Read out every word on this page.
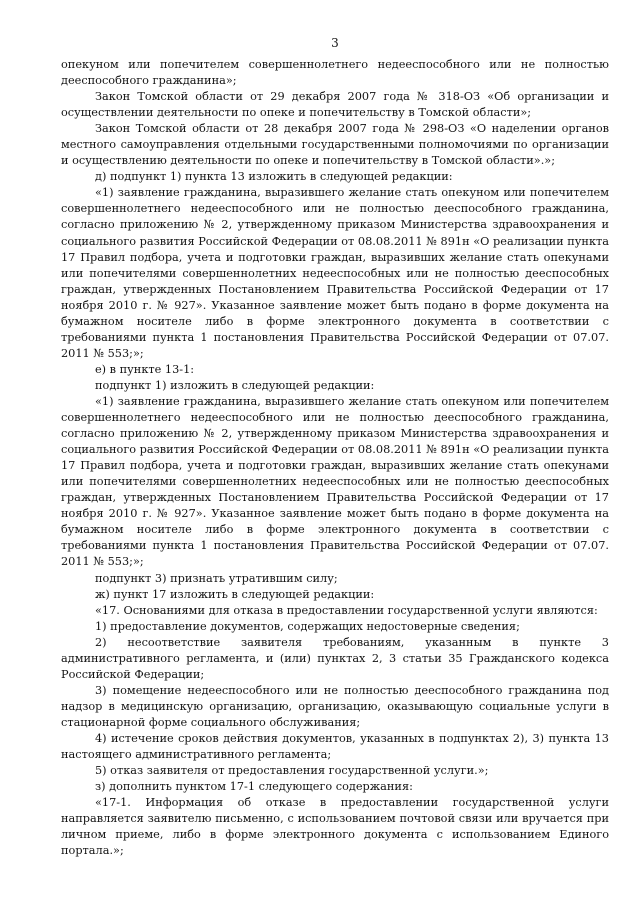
3

опекуном или попечителем совершеннолетнего недееспособного или не полностью дееспособного гражданина»;

Закон Томской области от 29 декабря 2007 года № 318-ОЗ «Об организации и осуществлении деятельности по опеке и попечительству в Томской области»;

Закон Томской области от 28 декабря 2007 года № 298-ОЗ «О наделении органов местного самоуправления отдельными государственными полномочиями по организации и осуществлению деятельности по опеке и попечительству в Томской области».»;

д) подпункт 1) пункта 13 изложить в следующей редакции:

«1) заявление гражданина, выразившего желание стать опекуном или попечителем совершеннолетнего недееспособного или не полностью дееспособного гражданина, согласно приложению № 2, утвержденному приказом Министерства здравоохранения и социального развития Российской Федерации от 08.08.2011 № 891н «О реализации пункта 17 Правил подбора, учета и подготовки граждан, выразивших желание стать опекунами или попечителями совершеннолетних недееспособных или не полностью дееспособных граждан, утвержденных Постановлением Правительства Российской Федерации от 17 ноября 2010 г. № 927». Указанное заявление может быть подано в форме документа на бумажном носителе либо в форме электронного документа в соответствии с требованиями пункта 1 постановления Правительства Российской Федерации от 07.07. 2011 № 553;»;

е) в пункте 13-1:

подпункт 1) изложить в следующей редакции:

«1) заявление гражданина, выразившего желание стать опекуном или попечителем совершеннолетнего недееспособного или не полностью дееспособного гражданина, согласно приложению № 2, утвержденному приказом Министерства здравоохранения и социального развития Российской Федерации от 08.08.2011 № 891н «О реализации пункта 17 Правил подбора, учета и подготовки граждан, выразивших желание стать опекунами или попечителями совершеннолетних недееспособных или не полностью дееспособных граждан, утвержденных Постановлением Правительства Российской Федерации от 17 ноября 2010 г. № 927». Указанное заявление может быть подано в форме документа на бумажном носителе либо в форме электронного документа в соответствии с требованиями пункта 1 постановления Правительства Российской Федерации от 07.07. 2011 № 553;»;

подпункт 3) признать утратившим силу;

ж) пункт 17 изложить в следующей редакции:

«17. Основаниями для отказа в предоставлении государственной услуги являются:

1) предоставление документов, содержащих недостоверные сведения;

2) несоответствие заявителя требованиям, указанным в пункте 3 административного регламента, и (или) пунктах 2, 3 статьи 35 Гражданского кодекса Российской Федерации;

3) помещение недееспособного или не полностью дееспособного гражданина под надзор в медицинскую организацию, организацию, оказывающую социальные услуги в стационарной форме социального обслуживания;

4) истечение сроков действия документов, указанных в подпунктах 2), 3) пункта 13 настоящего административного регламента;

5) отказ заявителя от предоставления государственной услуги.»;

з) дополнить пунктом 17-1 следующего содержания:

«17-1. Информация об отказе в предоставлении государственной услуги направляется заявителю письменно, с использованием почтовой связи или вручается при личном приеме, либо в форме электронного документа с использованием Единого портала.»;
